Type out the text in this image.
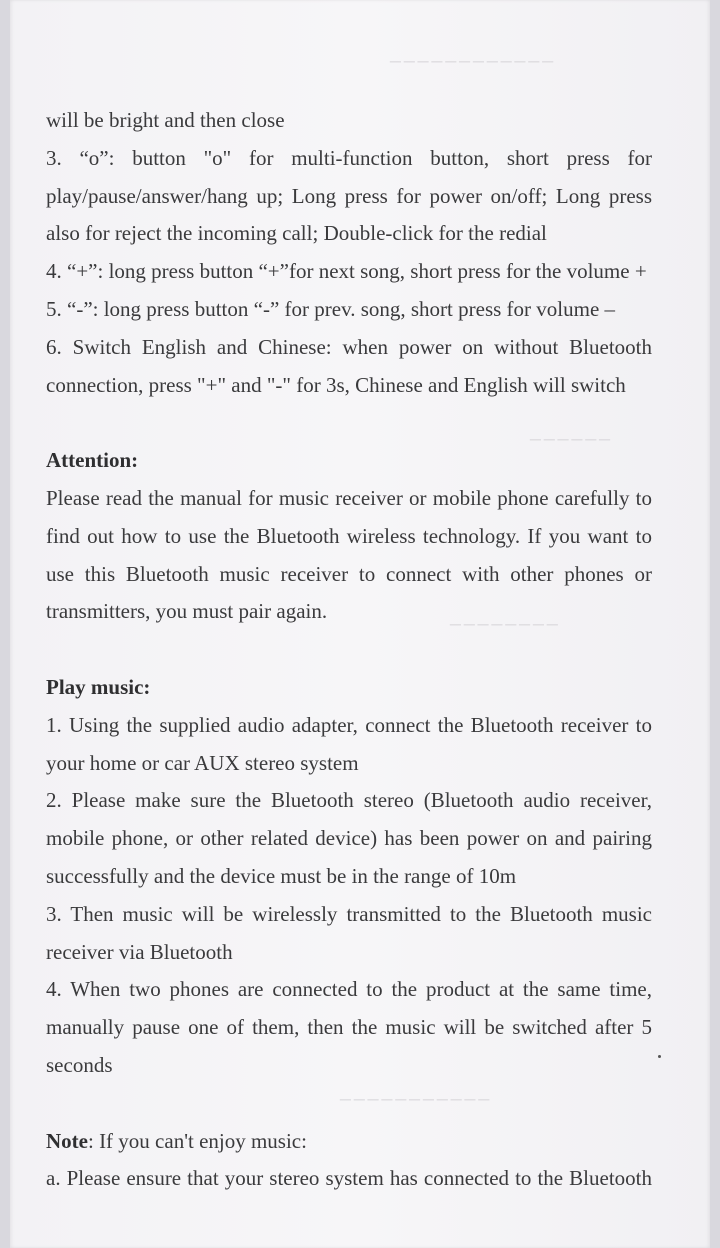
────────────
──────
────────
───────────
will be bright and then close
3. “o”: button "o" for multi-function button, short press for
play/pause/answer/hang up; Long press for power on/off; Long press
also for reject the incoming call; Double-click for the redial
4. “+”: long press button “+”for next song, short press for the volume +
5. “-”: long press button “-” for prev. song, short press for volume –
6. Switch English and Chinese: when power on without Bluetooth
connection, press "+" and "-" for 3s, Chinese and English will switch
Attention:
Please read the manual for music receiver or mobile phone carefully to
find out how to use the Bluetooth wireless technology. If you want to
use this Bluetooth music receiver to connect with other phones or
transmitters, you must pair again.
Play music:
1. Using the supplied audio adapter, connect the Bluetooth receiver to
your home or car AUX stereo system
2. Please make sure the Bluetooth stereo (Bluetooth audio receiver,
mobile phone, or other related device) has been power on and pairing
successfully and the device must be in the range of 10m
3. Then music will be wirelessly transmitted to the Bluetooth music
receiver via Bluetooth
4. When two phones are connected to the product at the same time,
manually pause one of them, then the music will be switched after 5
seconds
Note: If you can't enjoy music:
a. Please ensure that your stereo system has connected to the Bluetooth
